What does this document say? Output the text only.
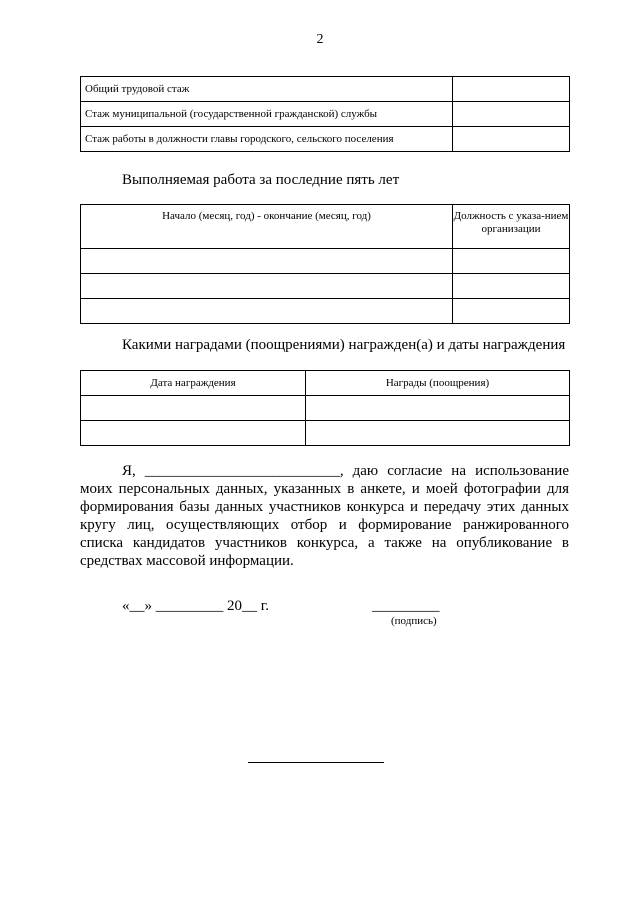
2
Общий трудовой стаж	
Стаж муниципальной (государственной гражданской) службы	
Стаж работы в должности главы городского, сельского поселения	
Выполняемая работа за последние пять лет
Начало (месяц, год) - окончание (месяц, год)	Должность с указа-нием организации

Какими наградами (поощрениями) награжден(а) и даты награждения
Дата награждения	Награды (поощрения)

Я, __________________________, даю согласие на использование моих персональных данных, указанных в анкете, и моей фотографии для формирования базы данных участников конкурса и передачу этих данных кругу лиц, осуществляющих отбор и формирование ранжированного списка кандидатов участников конкурса, а также на опубликование в средствах массовой информации.

«__» _________ 20__ г.	_________
(подпись)
